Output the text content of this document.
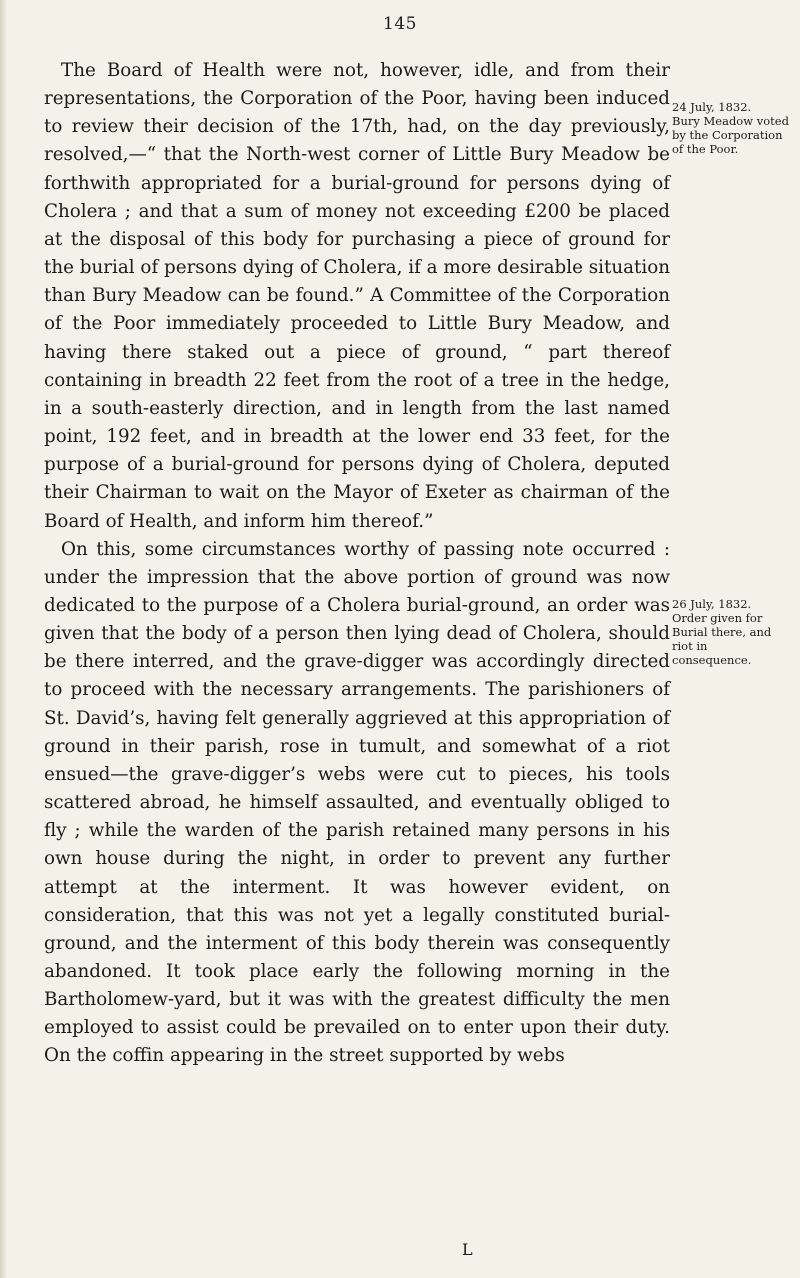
145

The Board of Health were not, however, idle, and from their representations, the Corporation of the Poor, having been induced to review their decision of the 17th, had, on the day previously, resolved,—“ that the North-west corner of Little Bury Meadow be forthwith appropriated for a burial-ground for persons dying of Cholera ; and that a sum of money not exceeding £200 be placed at the disposal of this body for purchasing a piece of ground for the burial of persons dying of Cholera, if a more desirable situation than Bury Meadow can be found.” A Committee of the Corporation of the Poor immediately proceeded to Little Bury Meadow, and having there staked out a piece of ground, “ part thereof containing in breadth 22 feet from the root of a tree in the hedge, in a south-easterly direction, and in length from the last named point, 192 feet, and in breadth at the lower end 33 feet, for the purpose of a burial-ground for persons dying of Cholera, deputed their Chairman to wait on the Mayor of Exeter as chairman of the Board of Health, and inform him thereof.”

On this, some circumstances worthy of passing note occurred : under the impression that the above portion of ground was now dedicated to the purpose of a Cholera burial-ground, an order was given that the body of a person then lying dead of Cholera, should be there interred, and the grave-digger was accordingly directed to proceed with the necessary arrangements. The parishioners of St. David’s, having felt generally aggrieved at this appropriation of ground in their parish, rose in tumult, and somewhat of a riot ensued—the grave-digger’s webs were cut to pieces, his tools scattered abroad, he himself assaulted, and eventually obliged to fly ; while the warden of the parish retained many persons in his own house during the night, in order to prevent any further attempt at the interment. It was however evident, on consideration, that this was not yet a legally constituted burial-ground, and the interment of this body therein was consequently abandoned. It took place early the following morning in the Bartholomew-yard, but it was with the greatest difficulty the men employed to assist could be prevailed on to enter upon their duty. On the coffin appearing in the street supported by webs

24 July, 1832.
Bury Meadow voted by the Corporation of the Poor.
26 July, 1832.
Order given for Burial there, and riot in consequence.
L
